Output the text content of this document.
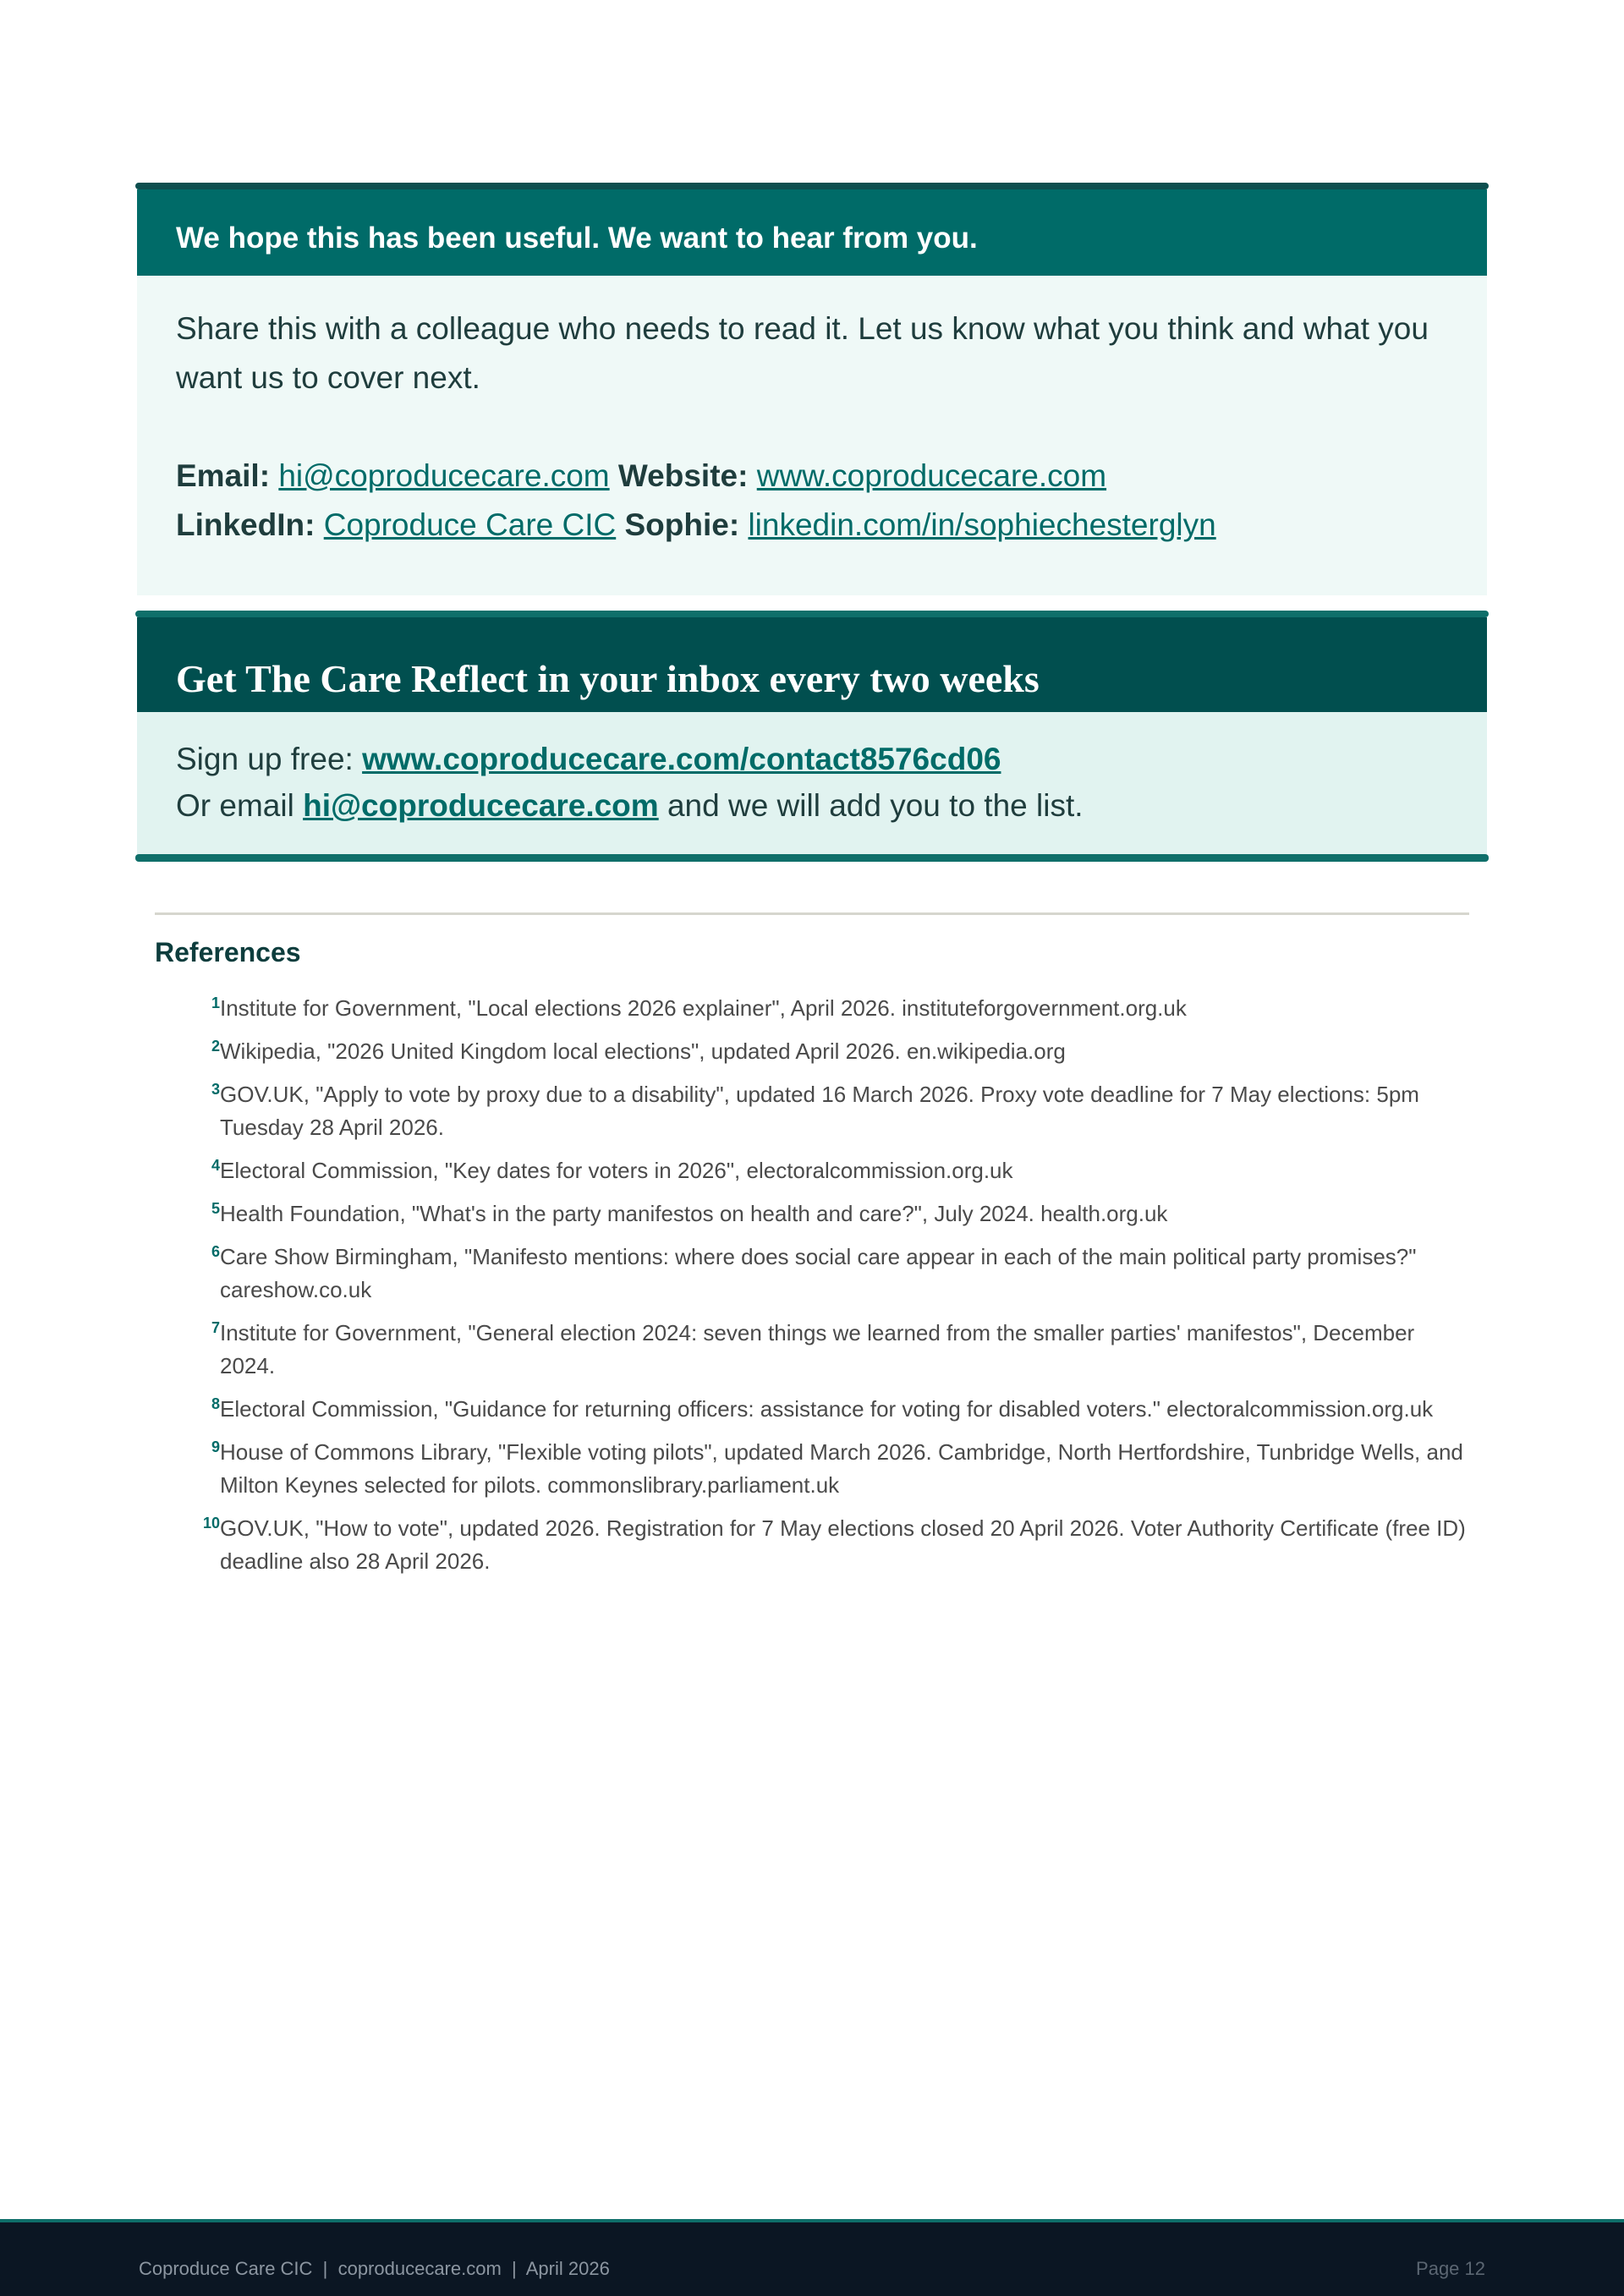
We hope this has been useful. We want to hear from you.

Share this with a colleague who needs to read it. Let us know what you think and what you want us to cover next.

Email: hi@coproducecare.com Website: www.coproducecare.com
LinkedIn: Coproduce Care CIC Sophie: linkedin.com/in/sophiechesterglyn
Get The Care Reflect in your inbox every two weeks
Sign up free: www.coproducecare.com/contact8576cd06
Or email hi@coproducecare.com and we will add you to the list.
References
1 Institute for Government, "Local elections 2026 explainer", April 2026. instituteforgovernment.org.uk
2 Wikipedia, "2026 United Kingdom local elections", updated April 2026. en.wikipedia.org
3 GOV.UK, "Apply to vote by proxy due to a disability", updated 16 March 2026. Proxy vote deadline for 7 May elections: 5pm Tuesday 28 April 2026.
4 Electoral Commission, "Key dates for voters in 2026", electoralcommission.org.uk
5 Health Foundation, "What's in the party manifestos on health and care?", July 2024. health.org.uk
6 Care Show Birmingham, "Manifesto mentions: where does social care appear in each of the main political party promises?" careshow.co.uk
7 Institute for Government, "General election 2024: seven things we learned from the smaller parties' manifestos", December 2024.
8 Electoral Commission, "Guidance for returning officers: assistance for voting for disabled voters." electoralcommission.org.uk
9 House of Commons Library, "Flexible voting pilots", updated March 2026. Cambridge, North Hertfordshire, Tunbridge Wells, and Milton Keynes selected for pilots. commonslibrary.parliament.uk
10 GOV.UK, "How to vote", updated 2026. Registration for 7 May elections closed 20 April 2026. Voter Authority Certificate (free ID) deadline also 28 April 2026.
Coproduce Care CIC  |  coproducecare.com  |  April 2026	Page 12
